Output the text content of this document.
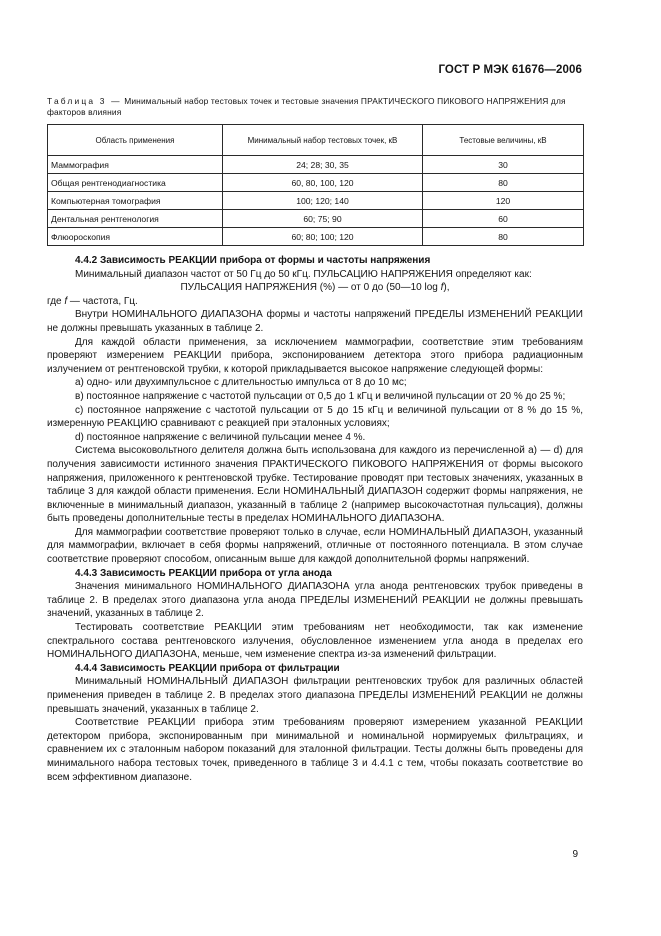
ГОСТ Р МЭК 61676—2006
Таблица 3 — Минимальный набор тестовых точек и тестовые значения ПРАКТИЧЕСКОГО ПИКОВОГО НАПРЯЖЕНИЯ для факторов влияния
Область применения	Минимальный набор тестовых точек, кВ	Тестовые величины, кВ
Маммография	24; 28; 30, 35	30
Общая рентгенодиагностика	60, 80, 100, 120	80
Компьютерная томография	100; 120; 140	120
Дентальная рентгенология	60; 75; 90	60
Флюороскопия	60; 80; 100; 120	80

4.4.2 Зависимость РЕАКЦИИ прибора от формы и частоты напряжения

Минимальный диапазон частот от 50 Гц до 50 кГц. ПУЛЬСАЦИЮ НАПРЯЖЕНИЯ определяют как:

ПУЛЬСАЦИЯ НАПРЯЖЕНИЯ (%) — от 0 до (50—10 log f),

где f — частота, Гц.

Внутри НОМИНАЛЬНОГО ДИАПАЗОНА формы и частоты напряжений ПРЕДЕЛЫ ИЗМЕНЕНИЙ РЕАКЦИИ не должны превышать указанных в таблице 2.

Для каждой области применения, за исключением маммографии, соответствие этим требованиям проверяют измерением РЕАКЦИИ прибора, экспонированием детектора этого прибора радиационным излучением от рентгеновской трубки, к которой прикладывается высокое напряжение следующей формы:

а) одно- или двухимпульсное с длительностью импульса от 8 до 10 мс;

в) постоянное напряжение с частотой пульсации от 0,5 до 1 кГц и величиной пульсации от 20 % до 25 %;

с) постоянное напряжение с частотой пульсации от 5 до 15 кГц и величиной пульсации от 8 % до 15 %, измеренную РЕАКЦИЮ сравнивают с реакцией при эталонных условиях;

d) постоянное напряжение с величиной пульсации менее 4 %.

Система высоковольтного делителя должна быть использована для каждого из перечисленной а) — d) для получения зависимости истинного значения ПРАКТИЧЕСКОГО ПИКОВОГО НАПРЯЖЕНИЯ от формы высокого напряжения, приложенного к рентгеновской трубке. Тестирование проводят при тестовых значениях, указанных в таблице 3 для каждой области применения. Если НОМИНАЛЬНЫЙ ДИАПАЗОН содержит формы напряжения, не включенные в минимальный диапазон, указанный в таблице 2 (например высокочастотная пульсация), должны быть проведены дополнительные тесты в пределах НОМИНАЛЬНОГО ДИАПАЗОНА.

Для маммографии соответствие проверяют только в случае, если НОМИНАЛЬНЫЙ ДИАПАЗОН, указанный для маммографии, включает в себя формы напряжений, отличные от постоянного потенциала. В этом случае соответствие проверяют способом, описанным выше для каждой дополнительной формы напряжений.

4.4.3 Зависимость РЕАКЦИИ прибора от угла анода

Значения минимального НОМИНАЛЬНОГО ДИАПАЗОНА угла анода рентгеновских трубок приведены в таблице 2. В пределах этого диапазона угла анода ПРЕДЕЛЫ ИЗМЕНЕНИЙ РЕАКЦИИ не должны превышать значений, указанных в таблице 2.

Тестировать соответствие РЕАКЦИИ этим требованиям нет необходимости, так как изменение спектрального состава рентгеновского излучения, обусловленное изменением угла анода в пределах его НОМИНАЛЬНОГО ДИАПАЗОНА, меньше, чем изменение спектра из-за изменений фильтрации.

4.4.4 Зависимость РЕАКЦИИ прибора от фильтрации

Минимальный НОМИНАЛЬНЫЙ ДИАПАЗОН фильтрации рентгеновских трубок для различных областей применения приведен в таблице 2. В пределах этого диапазона ПРЕДЕЛЫ ИЗМЕНЕНИЙ РЕАКЦИИ не должны превышать значений, указанных в таблице 2.

Соответствие РЕАКЦИИ прибора этим требованиям проверяют измерением указанной РЕАКЦИИ детектором прибора, экспонированным при минимальной и номинальной нормируемых фильтрациях, и сравнением их с эталонным набором показаний для эталонной фильтрации. Тесты должны быть проведены для минимального набора тестовых точек, приведенного в таблице 3 и 4.4.1 с тем, чтобы показать соответствие во всем эффективном диапазоне.

9
